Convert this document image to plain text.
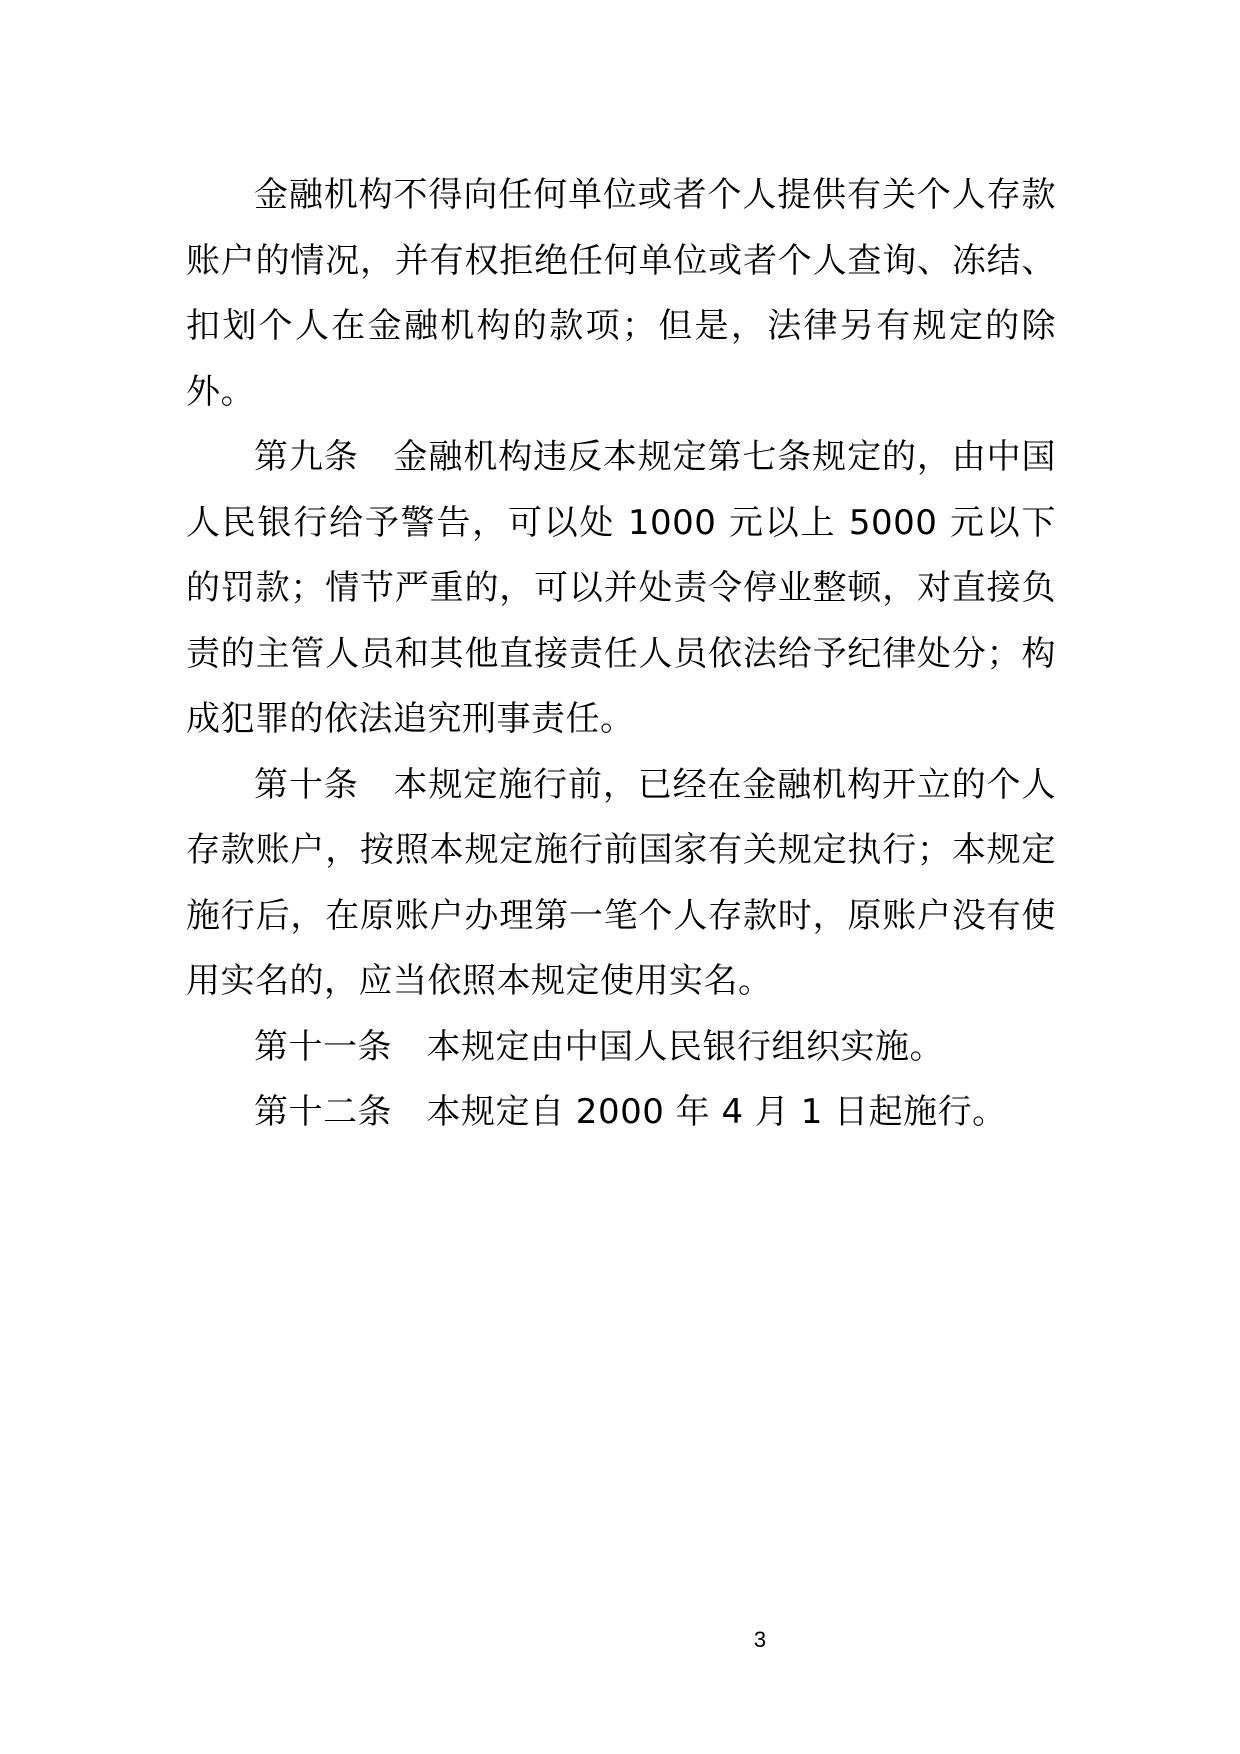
金融机构不得向任何单位或者个人提供有关个人存款账户的情况，并有权拒绝任何单位或者个人查询、冻结、扣划个人在金融机构的款项；但是，法律另有规定的除外。

第九条　金融机构违反本规定第七条规定的，由中国人民银行给予警告，可以处 1000 元以上 5000 元以下的罚款；情节严重的，可以并处责令停业整顿，对直接负责的主管人员和其他直接责任人员依法给予纪律处分；构成犯罪的依法追究刑事责任。

第十条　本规定施行前，已经在金融机构开立的个人存款账户，按照本规定施行前国家有关规定执行；本规定施行后，在原账户办理第一笔个人存款时，原账户没有使用实名的，应当依照本规定使用实名。

第十一条　本规定由中国人民银行组织实施。

第十二条　本规定自 2000 年 4 月 1 日起施行。

3
